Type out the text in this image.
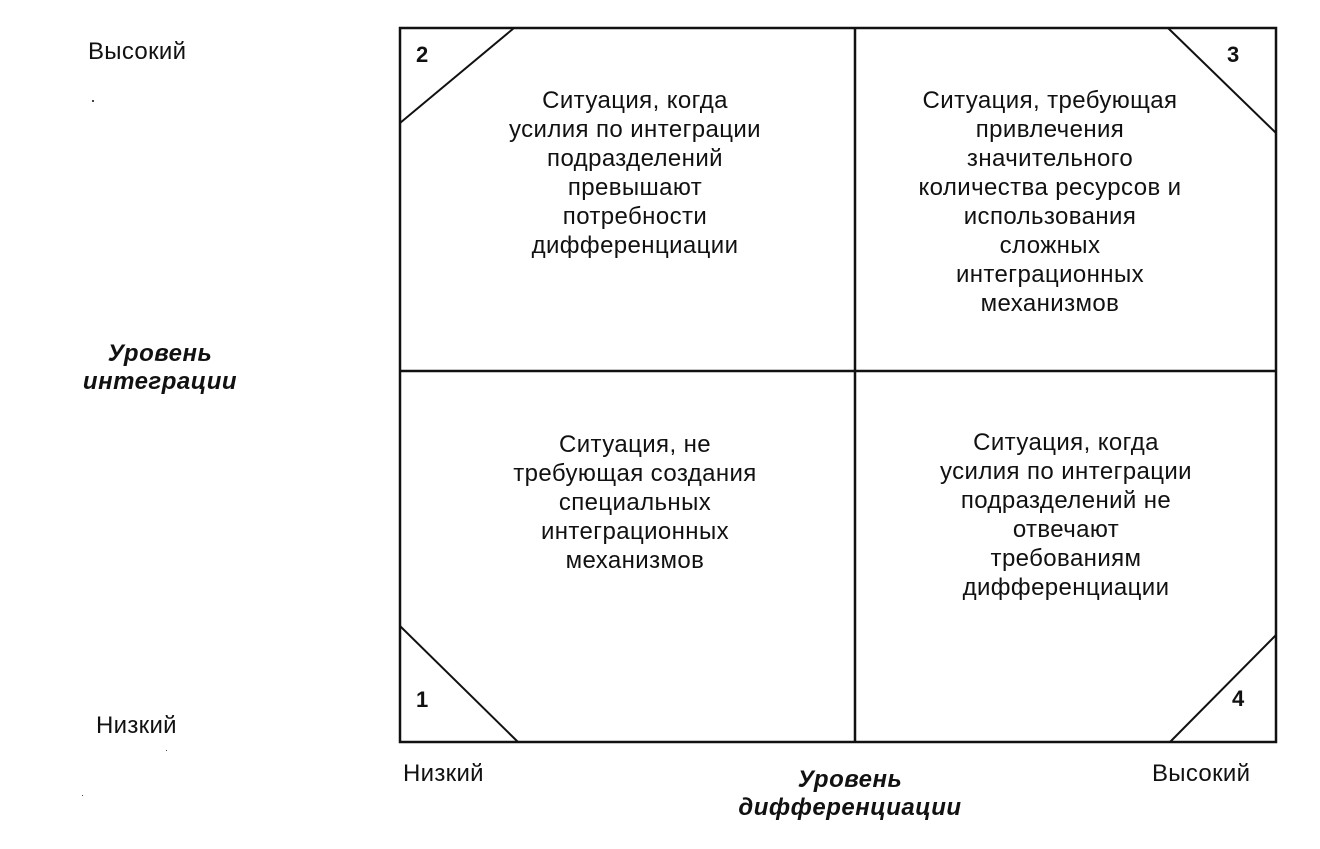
Высокий
Низкий
Уровень
интеграции
Низкий	Высокий
Уровень
дифференциации
2	3
1	4
Ситуация, когда
усилия по интеграции
подразделений
превышают
потребности
дифференциации
Ситуация, требующая
привлечения
значительного
количества ресурсов и
использования
сложных
интеграционных
механизмов
Ситуация, не
требующая создания
специальных
интеграционных
механизмов
Ситуация, когда
усилия по интеграции
подразделений не
отвечают
требованиям
дифференциации
